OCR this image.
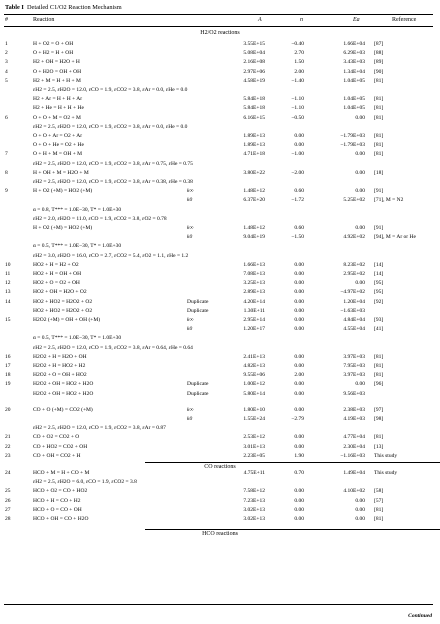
Table I Detailed C1/O2 Reaction Mechanism
#	Reaction	A	n	Ea	Reference
H2/O2 reactions
CO reactions
HCO reactions
1	H + O2 = O + OH	3.55E+15	−0.40	1.66E+04 [87]
2	O + H2 = H + OH	5.08E+04	2.70	6.29E+03 [88]
3	H2 + OH = H2O + H	2.16E+08	1.50	3.43E+03 [89]
4	O + H2O = OH + OH	2.97E+06	2.00	1.34E+04 [90]
5	H2 + M = H + H + M	4.58E+19	−1.40	1.04E+05 [81]
εH2 = 2.5, εH2O = 12.0, εCO = 1.9, εCO2 = 3.8, εAr = 0.0, εHe = 0.0
H2 + Ar = H + H + Ar	5.84E+18	−1.10	1.04E+05 [81]
H2 + He = H + H + He	5.84E+18	−1.10	1.04E+05 [81]
6	O + O + M = O2 + M	6.16E+15	−0.50	0.00 [81]
εH2 = 2.5, εH2O = 12.0, εCO = 1.9, εCO2 = 3.8, εAr = 0.0, εHe = 0.0
O + O + Ar = O2 + Ar	1.89E+13	0.00	−1.79E+03 [81]
O + O + He = O2 + He	1.89E+13	0.00	−1.79E+03 [81]
7	O + H + M = OH + M	4.71E+18	−1.00	0.00 [81]
εH2 = 2.5, εH2O = 12.0, εCO = 1.9, εCO2 = 3.8, εAr = 0.75, εHe = 0.75
8	H + OH + M = H2O + M	3.80E+22	−2.00	0.00 [18]
εH2 = 2.5, εH2O = 12.0, εCO = 1.9, εCO2 = 3.8, εAr = 0.38, εHe = 0.38
9	H + O2 (+M) = HO2 (+M)	k∞	1.48E+12	0.60	0.00 [91]
k0	6.37E+20	−1.72	5.25E+02 [71], M = N2
α = 0.8, T*** = 1.0E−30, T* = 1.0E+30
εH2 = 2.0, εH2O = 11.0, εCO = 1.9, εCO2 = 3.8, εO2 = 0.78
H + O2 (+M) = HO2 (+M)	k∞	1.48E+12	0.60	0.00 [91]
k0	9.04E+19	−1.50	4.92E+02 [94], M = Ar or He
α = 0.5, T*** = 1.0E−30, T* = 1.0E+30
εH2 = 3.0, εH2O = 16.0, εCO = 2.7, εCO2 = 5.4, εO2 = 1.1, εHe = 1.2
10	HO2 + H = H2 + O2	1.66E+13	0.00	8.23E+02 [14]
11	HO2 + H = OH + OH	7.08E+13	0.00	2.95E+02 [14]
12	HO2 + O = O2 + OH	3.25E+13	0.00	0.00 [95]
13	HO2 + OH = H2O + O2	2.89E+13	0.00	−4.97E+02 [95]
14	HO2 + HO2 = H2O2 + O2	Duplicate	4.20E+14	0.00	1.20E+04 [92]
HO2 + HO2 = H2O2 + O2	Duplicate	1.30E+11	0.00	−1.63E+03
15	H2O2 (+M) = OH + OH (+M)	k∞	2.95E+14	0.00	4.84E+04 [93]
k0	1.20E+17	0.00	4.55E+04 [41]
α = 0.5, T*** = 1.0E−30, T* = 1.0E+30
εH2 = 2.5, εH2O = 12.0, εCO = 1.9, εCO2 = 3.8, εAr = 0.64, εHe = 0.64
16	H2O2 + H = H2O + OH	2.41E+13	0.00	3.97E+03 [81]
17	H2O2 + H = HO2 + H2	4.82E+13	0.00	7.95E+03 [81]
18	H2O2 + O = OH + HO2	9.55E+06	2.00	3.97E+03 [81]
19	H2O2 + OH = HO2 + H2O	Duplicate	1.00E+12	0.00	0.00 [96]
H2O2 + OH = HO2 + H2O	Duplicate	5.80E+14	0.00	9.56E+03
20	CO + O (+M) = CO2 (+M)	k∞	1.80E+10	0.00	2.38E+03 [97]
k0	1.55E+24	−2.79	4.19E+03 [98]
εH2 = 2.5, εH2O = 12.0, εCO = 1.9, εCO2 = 3.8, εAr = 0.87
21	CO + O2 = CO2 + O	2.53E+12	0.00	4.77E+04 [81]
22	CO + HO2 = CO2 + OH	3.01E+13	0.00	2.30E+04 [13]
23	CO + OH = CO2 + H	2.23E+05	1.90	−1.16E+03 This study
24	HCO + M = H + CO + M	4.75E+11	0.70	1.49E+04 This study
εH2 = 2.5, εH2O = 6.0, εCO = 1.9, εCO2 = 3.8
25	HCO + O2 = CO + HO2	7.58E+12	0.00	4.10E+02 [58]
26	HCO + H = CO + H2	7.23E+13	0.00	0.00 [57]
27	HCO + O = CO + OH	3.02E+13	0.00	0.00 [81]
28	HCO + OH = CO + H2O	3.02E+13	0.00	0.00 [81]
Continued
